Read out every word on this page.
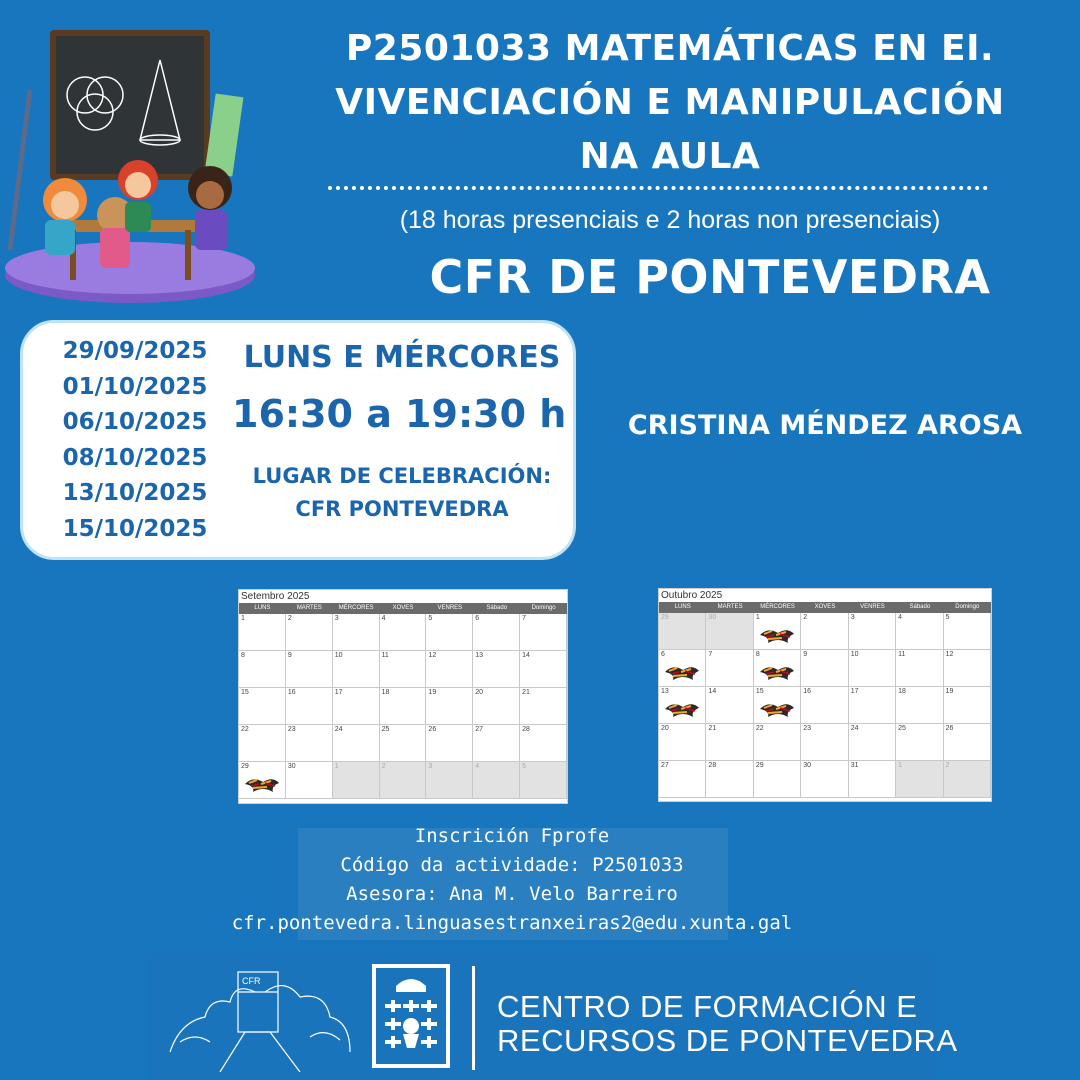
P2501033 MATEMÁTICAS EN EI.
VIVENCIACIÓN E MANIPULACIÓN
NA AULA
(18 horas presenciais e 2 horas non presenciais)
CFR DE PONTEVEDRA
29/09/2025
01/10/2025
06/10/2025
08/10/2025
13/10/2025
15/10/2025
LUNS E MÉRCORES
16:30 a 19:30 h
LUGAR DE CELEBRACIÓN:
CFR PONTEVEDRA
CRISTINA MÉNDEZ AROSA
Setembro 2025
LUNS	MARTES	MÉRCORES	XOVES	VENRES	Sábado	Domingo
1	2	3	4	5	6	7
8	9	10	11	12	13	14
15	16	17	18	19	20	21
22	23	24	25	26	27	28
29	30	1	2	3	4	5
Outubro 2025
LUNS	MARTES	MÉRCORES	XOVES	VENRES	Sábado	Domingo
29	30	1	2	3	4	5
6	7	8	9	10	11	12
13	14	15	16	17	18	19
20	21	22	23	24	25	26
27	28	29	30	31	1	2
Inscrición Fprofe
Código da actividade: P2501033
Asesora: Ana M. Velo Barreiro
cfr.pontevedra.linguasestranxeiras2@edu.xunta.gal
CFR
CENTRO DE FORMACIÓN E
RECURSOS DE PONTEVEDRA
